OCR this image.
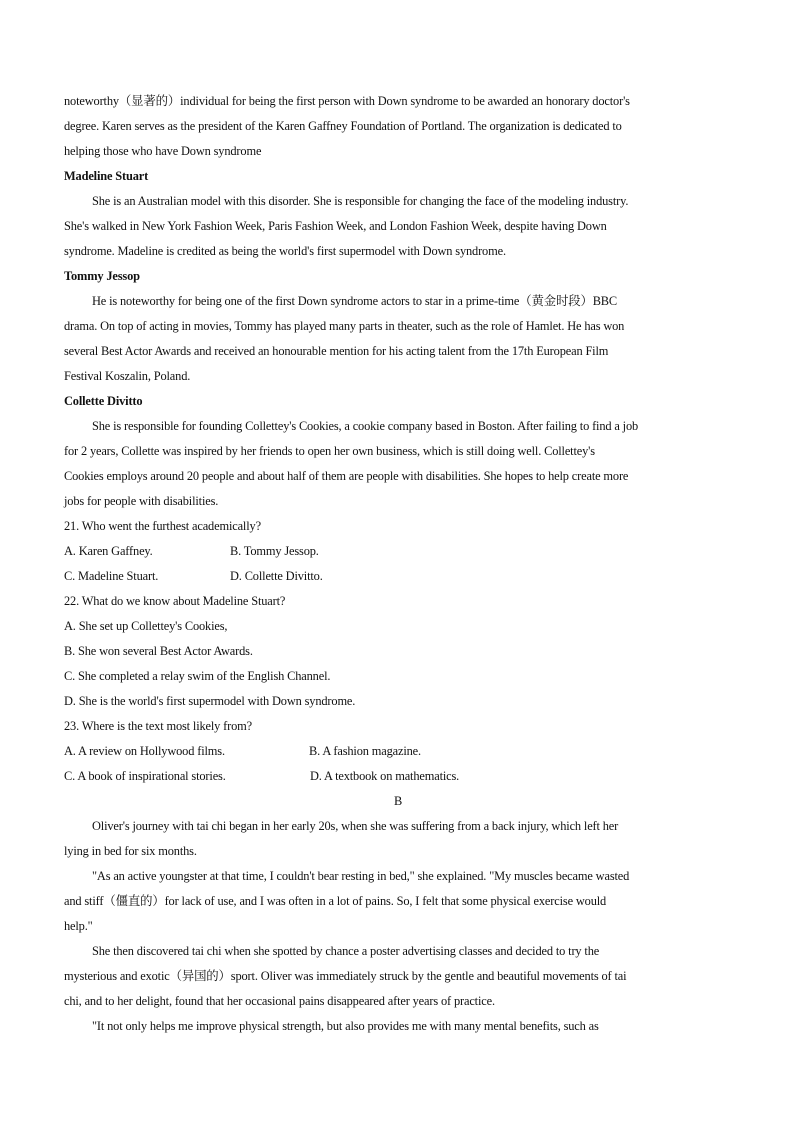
noteworthy（显著的）individual for being the first person with Down syndrome to be awarded an honorary doctor's
degree. Karen serves as the president of the Karen Gaffney Foundation of Portland. The organization is dedicated to
helping those who have Down syndrome
Madeline Stuart
She is an Australian model with this disorder. She is responsible for changing the face of the modeling industry.
She's walked in New York Fashion Week, Paris Fashion Week, and London Fashion Week, despite having Down
syndrome. Madeline is credited as being the world's first supermodel with Down syndrome.
Tommy Jessop
He is noteworthy for being one of the first Down syndrome actors to star in a prime-time（黄金时段）BBC
drama. On top of acting in movies, Tommy has played many parts in theater, such as the role of Hamlet. He has won
several Best Actor Awards and received an honourable mention for his acting talent from the 17th European Film
Festival Koszalin, Poland.
Collette Divitto
She is responsible for founding Collettey's Cookies, a cookie company based in Boston. After failing to find a job
for 2 years, Collette was inspired by her friends to open her own business, which is still doing well. Collettey's
Cookies employs around 20 people and about half of them are people with disabilities. She hopes to help create more
jobs for people with disabilities.
21. Who went the furthest academically?
A. Karen Gaffney.	B. Tommy Jessop.
C. Madeline Stuart.	D. Collette Divitto.
22. What do we know about Madeline Stuart?
A. She set up Collettey's Cookies,
B. She won several Best Actor Awards.
C. She completed a relay swim of the English Channel.
D. She is the world's first supermodel with Down syndrome.
23. Where is the text most likely from?
A. A review on Hollywood films.	B. A fashion magazine.
C. A book of inspirational stories.	D. A textbook on mathematics.
B
Oliver's journey with tai chi began in her early 20s, when she was suffering from a back injury, which left her
lying in bed for six months.
"As an active youngster at that time, I couldn't bear resting in bed," she explained. "My muscles became wasted
and stiff（僵直的）for lack of use, and I was often in a lot of pains. So, I felt that some physical exercise would
help."
She then discovered tai chi when she spotted by chance a poster advertising classes and decided to try the
mysterious and exotic（异国的）sport. Oliver was immediately struck by the gentle and beautiful movements of tai
chi, and to her delight, found that her occasional pains disappeared after years of practice.
"It not only helps me improve physical strength, but also provides me with many mental benefits, such as
